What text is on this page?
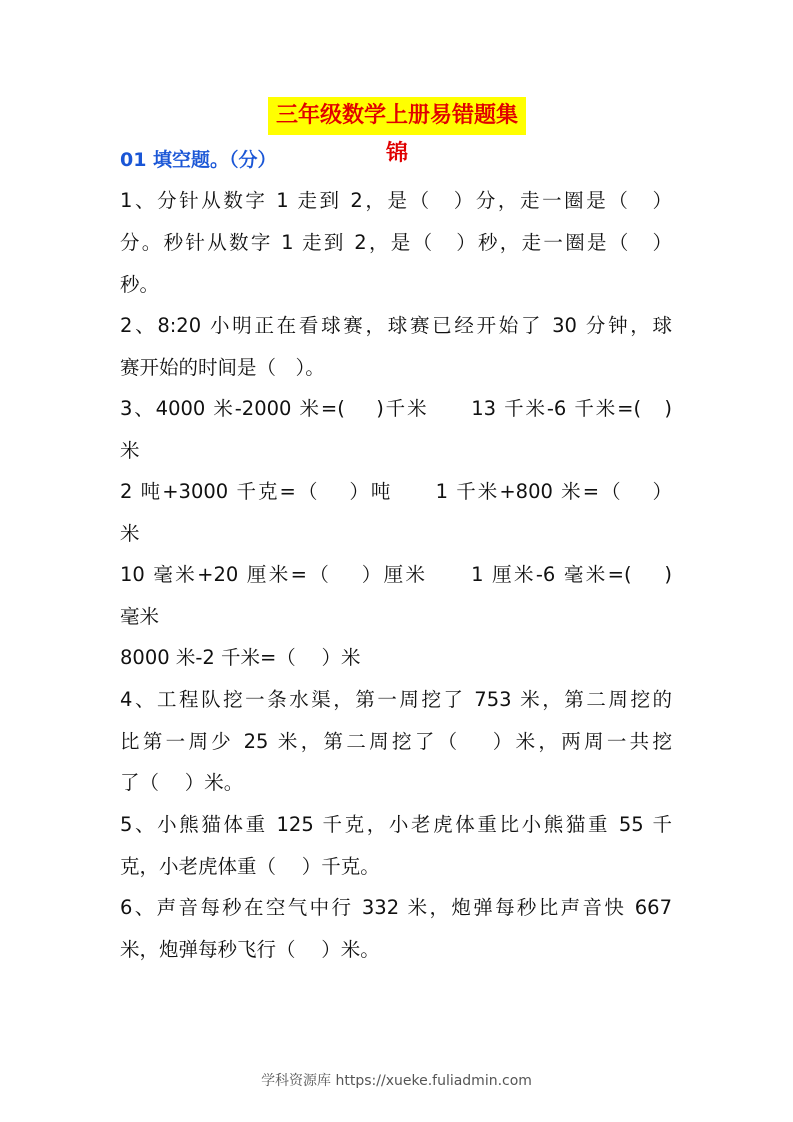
三年级数学上册易错题集锦
01 填空题。（分）
1、分针从数字 1 走到 2，是（　）分，走一圈是（　）
分。秒针从数字 1 走到 2，是（　）秒，走一圈是（　）
秒。
2、8:20 小明正在看球赛，球赛已经开始了 30 分钟，球
赛开始的时间是（　）。
3、4000 米-2000 米=(　 )千米　　13 千米-6 千米=(　)
米
2 吨+3000 千克=（　 ）吨　　1 千米+800 米=（　 ）
米
10 毫米+20 厘米=（　 ）厘米　　1 厘米-6 毫米=(　 )
毫米
8000 米-2 千米=（　 ）米
4、工程队挖一条水渠，第一周挖了 753 米，第二周挖的
比第一周少 25 米，第二周挖了（　 ）米，两周一共挖
了（　 ）米。
5、小熊猫体重 125 千克，小老虎体重比小熊猫重 55 千
克，小老虎体重（　 ）千克。
6、声音每秒在空气中行 332 米，炮弹每秒比声音快 667
米，炮弹每秒飞行（　 ）米。
学科资源库 https://xueke.fuliadmin.com
